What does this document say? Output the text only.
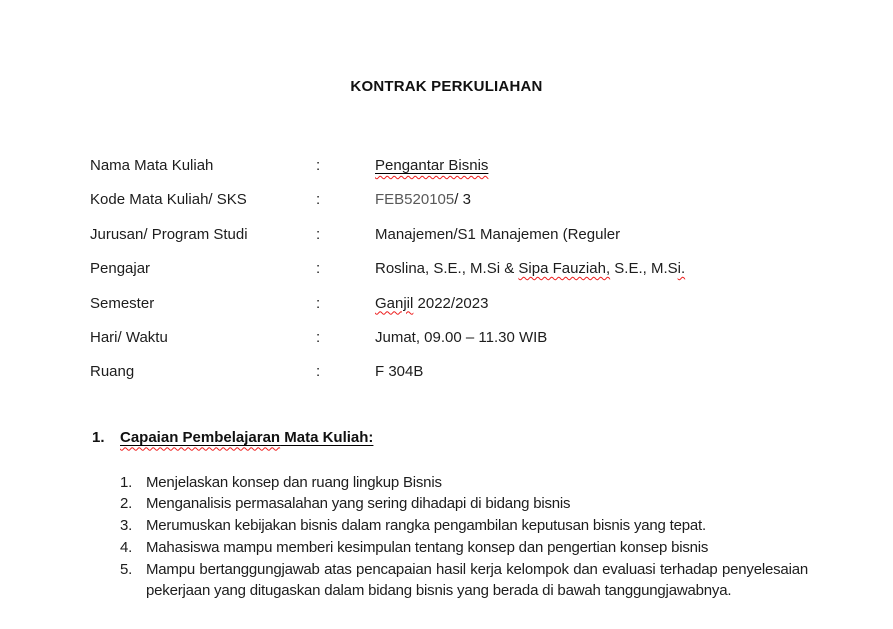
KONTRAK PERKULIAHAN
Nama Mata Kuliah	:	Pengantar Bisnis
Kode Mata Kuliah/ SKS	:	FEB520105/ 3
Jurusan/ Program Studi	:	Manajemen/S1 Manajemen (Reguler
Pengajar	:	Roslina, S.E., M.Si & Sipa Fauziah, S.E., M.Si.
Semester	:	Ganjil 2022/2023
Hari/ Waktu	:	Jumat, 09.00 – 11.30 WIB
Ruang	:	F 304B
1. Capaian Pembelajaran Mata Kuliah:
1. Menjelaskan konsep dan ruang lingkup Bisnis
2. Menganalisis permasalahan yang sering dihadapi di bidang bisnis
3. Merumuskan kebijakan bisnis dalam rangka pengambilan keputusan bisnis yang tepat.
4. Mahasiswa mampu memberi kesimpulan tentang konsep dan pengertian konsep bisnis
5. Mampu bertanggungjawab atas pencapaian hasil kerja kelompok dan evaluasi terhadap penyelesaian pekerjaan yang ditugaskan dalam bidang bisnis yang berada di bawah tanggungjawabnya.
